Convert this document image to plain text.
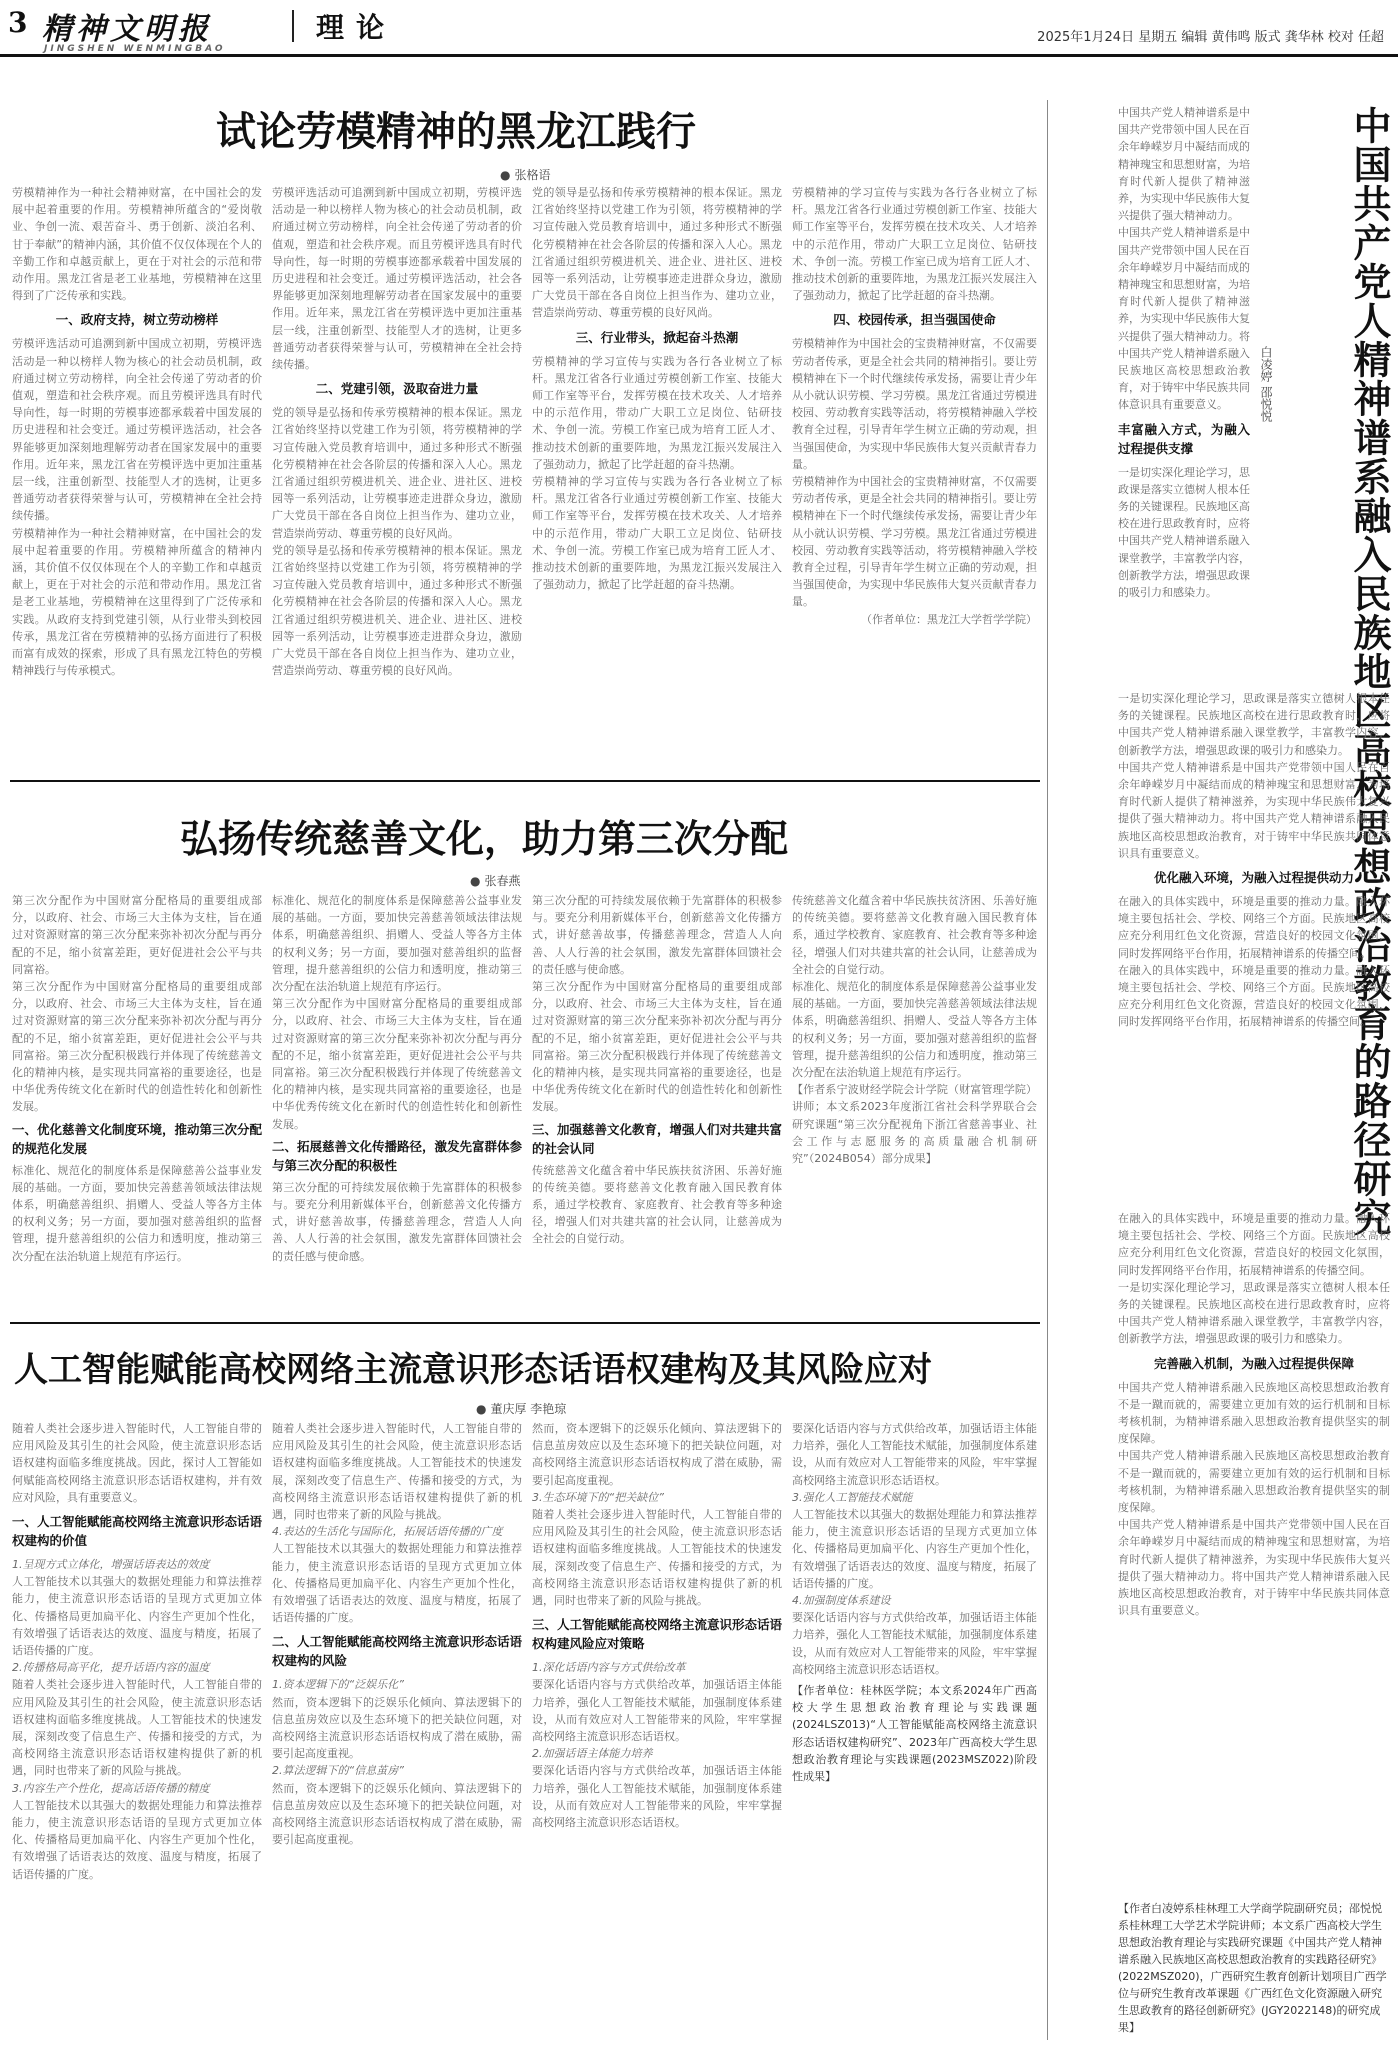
3 精神文明报
JINGSHEN WENMINGBAO
理论	2025年1月24日 星期五 编辑 黄伟鸣 版式 龚华林 校对 任超
试论劳模精神的黑龙江践行
● 张格语
劳模精神作为一种社会精神财富，在中国社会的发展中起着重要的作用。劳模精神所蕴含的“爱岗敬业、争创一流、艰苦奋斗、勇于创新、淡泊名利、甘于奉献”的精神内涵，其价值不仅仅体现在个人的辛勤工作和卓越贡献上，更在于对社会的示范和带动作用。黑龙江省是老工业基地，劳模精神在这里得到了广泛传承和实践。
一、政府支持，树立劳动榜样
劳模评选活动可追溯到新中国成立初期，劳模评选活动是一种以榜样人物为核心的社会动员机制，政府通过树立劳动榜样，向全社会传递了劳动者的价值观，塑造和社会秩序观。而且劳模评选具有时代导向性，每一时期的劳模事迹都承载着中国发展的历史进程和社会变迁。通过劳模评选活动，社会各界能够更加深刻地理解劳动者在国家发展中的重要作用。近年来，黑龙江省在劳模评选中更加注重基层一线，注重创新型、技能型人才的选树，让更多普通劳动者获得荣誉与认可，劳模精神在全社会持续传播。
劳模精神作为一种社会精神财富，在中国社会的发展中起着重要的作用。劳模精神所蕴含的精神内涵，其价值不仅仅体现在个人的辛勤工作和卓越贡献上，更在于对社会的示范和带动作用。黑龙江省是老工业基地，劳模精神在这里得到了广泛传承和实践。从政府支持到党建引领，从行业带头到校园传承，黑龙江省在劳模精神的弘扬方面进行了积极而富有成效的探索，形成了具有黑龙江特色的劳模精神践行与传承模式。
劳模评选活动可追溯到新中国成立初期，劳模评选活动是一种以榜样人物为核心的社会动员机制，政府通过树立劳动榜样，向全社会传递了劳动者的价值观，塑造和社会秩序观。而且劳模评选具有时代导向性，每一时期的劳模事迹都承载着中国发展的历史进程和社会变迁。通过劳模评选活动，社会各界能够更加深刻地理解劳动者在国家发展中的重要作用。近年来，黑龙江省在劳模评选中更加注重基层一线，注重创新型、技能型人才的选树，让更多普通劳动者获得荣誉与认可，劳模精神在全社会持续传播。
二、党建引领，汲取奋进力量
党的领导是弘扬和传承劳模精神的根本保证。黑龙江省始终坚持以党建工作为引领，将劳模精神的学习宣传融入党员教育培训中，通过多种形式不断强化劳模精神在社会各阶层的传播和深入人心。黑龙江省通过组织劳模进机关、进企业、进社区、进校园等一系列活动，让劳模事迹走进群众身边，激励广大党员干部在各自岗位上担当作为、建功立业，营造崇尚劳动、尊重劳模的良好风尚。
党的领导是弘扬和传承劳模精神的根本保证。黑龙江省始终坚持以党建工作为引领，将劳模精神的学习宣传融入党员教育培训中，通过多种形式不断强化劳模精神在社会各阶层的传播和深入人心。黑龙江省通过组织劳模进机关、进企业、进社区、进校园等一系列活动，让劳模事迹走进群众身边，激励广大党员干部在各自岗位上担当作为、建功立业，营造崇尚劳动、尊重劳模的良好风尚。
党的领导是弘扬和传承劳模精神的根本保证。黑龙江省始终坚持以党建工作为引领，将劳模精神的学习宣传融入党员教育培训中，通过多种形式不断强化劳模精神在社会各阶层的传播和深入人心。黑龙江省通过组织劳模进机关、进企业、进社区、进校园等一系列活动，让劳模事迹走进群众身边，激励广大党员干部在各自岗位上担当作为、建功立业，营造崇尚劳动、尊重劳模的良好风尚。
三、行业带头，掀起奋斗热潮
劳模精神的学习宣传与实践为各行各业树立了标杆。黑龙江省各行业通过劳模创新工作室、技能大师工作室等平台，发挥劳模在技术攻关、人才培养中的示范作用，带动广大职工立足岗位、钻研技术、争创一流。劳模工作室已成为培育工匠人才、推动技术创新的重要阵地，为黑龙江振兴发展注入了强劲动力，掀起了比学赶超的奋斗热潮。
劳模精神的学习宣传与实践为各行各业树立了标杆。黑龙江省各行业通过劳模创新工作室、技能大师工作室等平台，发挥劳模在技术攻关、人才培养中的示范作用，带动广大职工立足岗位、钻研技术、争创一流。劳模工作室已成为培育工匠人才、推动技术创新的重要阵地，为黑龙江振兴发展注入了强劲动力，掀起了比学赶超的奋斗热潮。
劳模精神的学习宣传与实践为各行各业树立了标杆。黑龙江省各行业通过劳模创新工作室、技能大师工作室等平台，发挥劳模在技术攻关、人才培养中的示范作用，带动广大职工立足岗位、钻研技术、争创一流。劳模工作室已成为培育工匠人才、推动技术创新的重要阵地，为黑龙江振兴发展注入了强劲动力，掀起了比学赶超的奋斗热潮。
四、校园传承，担当强国使命
劳模精神作为中国社会的宝贵精神财富，不仅需要劳动者传承，更是全社会共同的精神指引。要让劳模精神在下一个时代继续传承发扬，需要让青少年从小就认识劳模、学习劳模。黑龙江省通过劳模进校园、劳动教育实践等活动，将劳模精神融入学校教育全过程，引导青年学生树立正确的劳动观，担当强国使命，为实现中华民族伟大复兴贡献青春力量。
劳模精神作为中国社会的宝贵精神财富，不仅需要劳动者传承，更是全社会共同的精神指引。要让劳模精神在下一个时代继续传承发扬，需要让青少年从小就认识劳模、学习劳模。黑龙江省通过劳模进校园、劳动教育实践等活动，将劳模精神融入学校教育全过程，引导青年学生树立正确的劳动观，担当强国使命，为实现中华民族伟大复兴贡献青春力量。
（作者单位：黑龙江大学哲学学院）
弘扬传统慈善文化，助力第三次分配
● 张春燕
第三次分配作为中国财富分配格局的重要组成部分，以政府、社会、市场三大主体为支柱，旨在通过对资源财富的第三次分配来弥补初次分配与再分配的不足，缩小贫富差距，更好促进社会公平与共同富裕。
第三次分配作为中国财富分配格局的重要组成部分，以政府、社会、市场三大主体为支柱，旨在通过对资源财富的第三次分配来弥补初次分配与再分配的不足，缩小贫富差距，更好促进社会公平与共同富裕。第三次分配积极践行并体现了传统慈善文化的精神内核，是实现共同富裕的重要途径，也是中华优秀传统文化在新时代的创造性转化和创新性发展。
一、优化慈善文化制度环境，推动第三次分配的规范化发展
标准化、规范化的制度体系是保障慈善公益事业发展的基础。一方面，要加快完善慈善领域法律法规体系，明确慈善组织、捐赠人、受益人等各方主体的权利义务；另一方面，要加强对慈善组织的监督管理，提升慈善组织的公信力和透明度，推动第三次分配在法治轨道上规范有序运行。
标准化、规范化的制度体系是保障慈善公益事业发展的基础。一方面，要加快完善慈善领域法律法规体系，明确慈善组织、捐赠人、受益人等各方主体的权利义务；另一方面，要加强对慈善组织的监督管理，提升慈善组织的公信力和透明度，推动第三次分配在法治轨道上规范有序运行。
第三次分配作为中国财富分配格局的重要组成部分，以政府、社会、市场三大主体为支柱，旨在通过对资源财富的第三次分配来弥补初次分配与再分配的不足，缩小贫富差距，更好促进社会公平与共同富裕。第三次分配积极践行并体现了传统慈善文化的精神内核，是实现共同富裕的重要途径，也是中华优秀传统文化在新时代的创造性转化和创新性发展。
二、拓展慈善文化传播路径，激发先富群体参与第三次分配的积极性
第三次分配的可持续发展依赖于先富群体的积极参与。要充分利用新媒体平台，创新慈善文化传播方式，讲好慈善故事，传播慈善理念，营造人人向善、人人行善的社会氛围，激发先富群体回馈社会的责任感与使命感。
第三次分配的可持续发展依赖于先富群体的积极参与。要充分利用新媒体平台，创新慈善文化传播方式，讲好慈善故事，传播慈善理念，营造人人向善、人人行善的社会氛围，激发先富群体回馈社会的责任感与使命感。
第三次分配作为中国财富分配格局的重要组成部分，以政府、社会、市场三大主体为支柱，旨在通过对资源财富的第三次分配来弥补初次分配与再分配的不足，缩小贫富差距，更好促进社会公平与共同富裕。第三次分配积极践行并体现了传统慈善文化的精神内核，是实现共同富裕的重要途径，也是中华优秀传统文化在新时代的创造性转化和创新性发展。
三、加强慈善文化教育，增强人们对共建共富的社会认同
传统慈善文化蕴含着中华民族扶贫济困、乐善好施的传统美德。要将慈善文化教育融入国民教育体系，通过学校教育、家庭教育、社会教育等多种途径，增强人们对共建共富的社会认同，让慈善成为全社会的自觉行动。
传统慈善文化蕴含着中华民族扶贫济困、乐善好施的传统美德。要将慈善文化教育融入国民教育体系，通过学校教育、家庭教育、社会教育等多种途径，增强人们对共建共富的社会认同，让慈善成为全社会的自觉行动。
标准化、规范化的制度体系是保障慈善公益事业发展的基础。一方面，要加快完善慈善领域法律法规体系，明确慈善组织、捐赠人、受益人等各方主体的权利义务；另一方面，要加强对慈善组织的监督管理，提升慈善组织的公信力和透明度，推动第三次分配在法治轨道上规范有序运行。
【作者系宁波财经学院会计学院（财富管理学院）讲师；本文系2023年度浙江省社会科学界联合会研究课题“第三次分配视角下浙江省慈善事业、社会工作与志愿服务的高质量融合机制研究”（2024B054）部分成果】
人工智能赋能高校网络主流意识形态话语权建构及其风险应对
● 董庆厚 李艳琼
随着人类社会逐步进入智能时代，人工智能自带的应用风险及其引生的社会风险，使主流意识形态话语权建构面临多维度挑战。因此，探讨人工智能如何赋能高校网络主流意识形态话语权建构，并有效应对风险，具有重要意义。
一、人工智能赋能高校网络主流意识形态话语权建构的价值
1.呈现方式立体化，增强话语表达的效度
人工智能技术以其强大的数据处理能力和算法推荐能力，使主流意识形态话语的呈现方式更加立体化、传播格局更加扁平化、内容生产更加个性化，有效增强了话语表达的效度、温度与精度，拓展了话语传播的广度。
2.传播格局高平化，提升话语内容的温度
随着人类社会逐步进入智能时代，人工智能自带的应用风险及其引生的社会风险，使主流意识形态话语权建构面临多维度挑战。人工智能技术的快速发展，深刻改变了信息生产、传播和接受的方式，为高校网络主流意识形态话语权建构提供了新的机遇，同时也带来了新的风险与挑战。
3.内容生产个性化，提高话语传播的精度
人工智能技术以其强大的数据处理能力和算法推荐能力，使主流意识形态话语的呈现方式更加立体化、传播格局更加扁平化、内容生产更加个性化，有效增强了话语表达的效度、温度与精度，拓展了话语传播的广度。
随着人类社会逐步进入智能时代，人工智能自带的应用风险及其引生的社会风险，使主流意识形态话语权建构面临多维度挑战。人工智能技术的快速发展，深刻改变了信息生产、传播和接受的方式，为高校网络主流意识形态话语权建构提供了新的机遇，同时也带来了新的风险与挑战。
4.表达的生活化与国际化，拓展话语传播的广度
人工智能技术以其强大的数据处理能力和算法推荐能力，使主流意识形态话语的呈现方式更加立体化、传播格局更加扁平化、内容生产更加个性化，有效增强了话语表达的效度、温度与精度，拓展了话语传播的广度。
二、人工智能赋能高校网络主流意识形态话语权建构的风险
1.资本逻辑下的“泛娱乐化”
然而，资本逻辑下的泛娱乐化倾向、算法逻辑下的信息茧房效应以及生态环境下的把关缺位问题，对高校网络主流意识形态话语权构成了潜在威胁，需要引起高度重视。
2.算法逻辑下的“信息茧房”
然而，资本逻辑下的泛娱乐化倾向、算法逻辑下的信息茧房效应以及生态环境下的把关缺位问题，对高校网络主流意识形态话语权构成了潜在威胁，需要引起高度重视。
然而，资本逻辑下的泛娱乐化倾向、算法逻辑下的信息茧房效应以及生态环境下的把关缺位问题，对高校网络主流意识形态话语权构成了潜在威胁，需要引起高度重视。
3.生态环境下的“把关缺位”
随着人类社会逐步进入智能时代，人工智能自带的应用风险及其引生的社会风险，使主流意识形态话语权建构面临多维度挑战。人工智能技术的快速发展，深刻改变了信息生产、传播和接受的方式，为高校网络主流意识形态话语权建构提供了新的机遇，同时也带来了新的风险与挑战。
三、人工智能赋能高校网络主流意识形态话语权构建风险应对策略
1.深化话语内容与方式供给改革
要深化话语内容与方式供给改革，加强话语主体能力培养，强化人工智能技术赋能，加强制度体系建设，从而有效应对人工智能带来的风险，牢牢掌握高校网络主流意识形态话语权。
2.加强话语主体能力培养
要深化话语内容与方式供给改革，加强话语主体能力培养，强化人工智能技术赋能，加强制度体系建设，从而有效应对人工智能带来的风险，牢牢掌握高校网络主流意识形态话语权。
要深化话语内容与方式供给改革，加强话语主体能力培养，强化人工智能技术赋能，加强制度体系建设，从而有效应对人工智能带来的风险，牢牢掌握高校网络主流意识形态话语权。
3.强化人工智能技术赋能
人工智能技术以其强大的数据处理能力和算法推荐能力，使主流意识形态话语的呈现方式更加立体化、传播格局更加扁平化、内容生产更加个性化，有效增强了话语表达的效度、温度与精度，拓展了话语传播的广度。
4.加强制度体系建设
要深化话语内容与方式供给改革，加强话语主体能力培养，强化人工智能技术赋能，加强制度体系建设，从而有效应对人工智能带来的风险，牢牢掌握高校网络主流意识形态话语权。
【作者单位：桂林医学院；本文系2024年广西高校大学生思想政治教育理论与实践课题(2024LSZ013)“人工智能赋能高校网络主流意识形态话语权建构研究”、2023年广西高校大学生思想政治教育理论与实践课题(2023MSZ022)阶段性成果】
中国共产党人精神谱系融入民族地区高校思想政治教育的路径研究
白凌婷 邵悦悦
中国共产党人精神谱系是中国共产党带领中国人民在百余年峥嵘岁月中凝结而成的精神瑰宝和思想财富，为培育时代新人提供了精神滋养，为实现中华民族伟大复兴提供了强大精神动力。
中国共产党人精神谱系是中国共产党带领中国人民在百余年峥嵘岁月中凝结而成的精神瑰宝和思想财富，为培育时代新人提供了精神滋养，为实现中华民族伟大复兴提供了强大精神动力。将中国共产党人精神谱系融入民族地区高校思想政治教育，对于铸牢中华民族共同体意识具有重要意义。
丰富融入方式，为融入过程提供支撑
一是切实深化理论学习，思政课是落实立德树人根本任务的关键课程。民族地区高校在进行思政教育时，应将中国共产党人精神谱系融入课堂教学，丰富教学内容，创新教学方法，增强思政课的吸引力和感染力。
一是切实深化理论学习，思政课是落实立德树人根本任务的关键课程。民族地区高校在进行思政教育时，应将中国共产党人精神谱系融入课堂教学，丰富教学内容，创新教学方法，增强思政课的吸引力和感染力。
中国共产党人精神谱系是中国共产党带领中国人民在百余年峥嵘岁月中凝结而成的精神瑰宝和思想财富，为培育时代新人提供了精神滋养，为实现中华民族伟大复兴提供了强大精神动力。将中国共产党人精神谱系融入民族地区高校思想政治教育，对于铸牢中华民族共同体意识具有重要意义。
优化融入环境，为融入过程提供动力
在融入的具体实践中，环境是重要的推动力量。融入环境主要包括社会、学校、网络三个方面。民族地区高校应充分利用红色文化资源，营造良好的校园文化氛围，同时发挥网络平台作用，拓展精神谱系的传播空间。
在融入的具体实践中，环境是重要的推动力量。融入环境主要包括社会、学校、网络三个方面。民族地区高校应充分利用红色文化资源，营造良好的校园文化氛围，同时发挥网络平台作用，拓展精神谱系的传播空间。
在融入的具体实践中，环境是重要的推动力量。融入环境主要包括社会、学校、网络三个方面。民族地区高校应充分利用红色文化资源，营造良好的校园文化氛围，同时发挥网络平台作用，拓展精神谱系的传播空间。
一是切实深化理论学习，思政课是落实立德树人根本任务的关键课程。民族地区高校在进行思政教育时，应将中国共产党人精神谱系融入课堂教学，丰富教学内容，创新教学方法，增强思政课的吸引力和感染力。
完善融入机制，为融入过程提供保障
中国共产党人精神谱系融入民族地区高校思想政治教育不是一蹴而就的，需要建立更加有效的运行机制和目标考核机制，为精神谱系融入思想政治教育提供坚实的制度保障。
中国共产党人精神谱系融入民族地区高校思想政治教育不是一蹴而就的，需要建立更加有效的运行机制和目标考核机制，为精神谱系融入思想政治教育提供坚实的制度保障。
中国共产党人精神谱系是中国共产党带领中国人民在百余年峥嵘岁月中凝结而成的精神瑰宝和思想财富，为培育时代新人提供了精神滋养，为实现中华民族伟大复兴提供了强大精神动力。将中国共产党人精神谱系融入民族地区高校思想政治教育，对于铸牢中华民族共同体意识具有重要意义。
【作者白凌婷系桂林理工大学商学院副研究员；邵悦悦系桂林理工大学艺术学院讲师；本文系广西高校大学生思想政治教育理论与实践研究课题《中国共产党人精神谱系融入民族地区高校思想政治教育的实践路径研究》(2022MSZ020)，广西研究生教育创新计划项目广西学位与研究生教育改革课题《广西红色文化资源融入研究生思政教育的路径创新研究》(JGY2022148)的研究成果】
